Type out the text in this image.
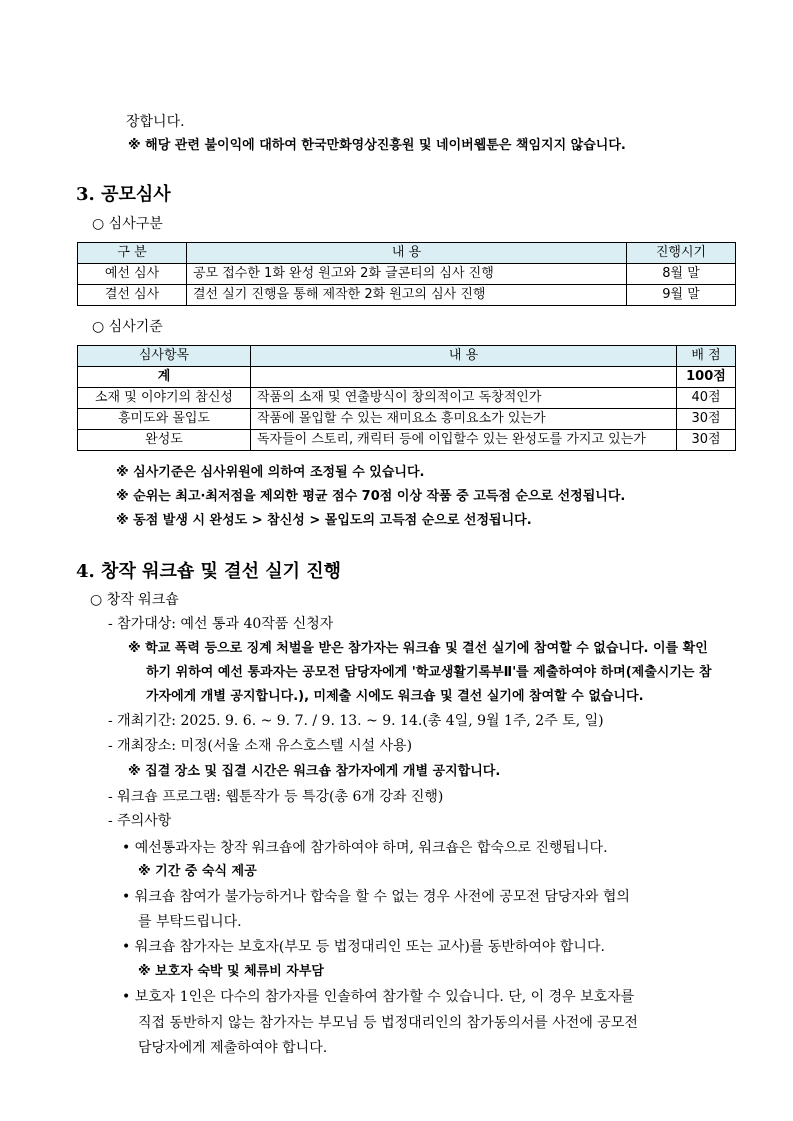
장합니다.
※ 해당 관련 불이익에 대하여 한국만화영상진흥원 및 네이버웹툰은 책임지지 않습니다.
3. 공모심사
○ 심사구분
구 분	내 용	진행시기
예선 심사	공모 접수한 1화 완성 원고와 2화 글콘티의 심사 진행	8월 말
결선 심사	결선 실기 진행을 통해 제작한 2화 원고의 심사 진행	9월 말
○ 심사기준
심사항목	내 용	배 점
계		100점
소재 및 이야기의 참신성	작품의 소재 및 연출방식이 창의적이고 독창적인가	40점
흥미도와 몰입도	작품에 몰입할 수 있는 재미요소 흥미요소가 있는가	30점
완성도	독자들이 스토리, 캐릭터 등에 이입할수 있는 완성도를 가지고 있는가	30점
※ 심사기준은 심사위원에 의하여 조정될 수 있습니다.
※ 순위는 최고·최저점을 제외한 평균 점수 70점 이상 작품 중 고득점 순으로 선정됩니다.
※ 동점 발생 시 완성도 > 참신성 > 몰입도의 고득점 순으로 선정됩니다.
4. 창작 워크숍 및 결선 실기 진행
○ 창작 워크숍
- 참가대상: 예선 통과 40작품 신청자
※ 학교 폭력 등으로 징계 처벌을 받은 참가자는 워크숍 및 결선 실기에 참여할 수 없습니다. 이를 확인
하기 위하여 예선 통과자는 공모전 담당자에게 '학교생활기록부Ⅱ'를 제출하여야 하며(제출시기는 참
가자에게 개별 공지합니다.), 미제출 시에도 워크숍 및 결선 실기에 참여할 수 없습니다.
- 개최기간: 2025. 9. 6. ~ 9. 7. / 9. 13. ~ 9. 14.(총 4일, 9월 1주, 2주 토, 일)
- 개최장소: 미정(서울 소재 유스호스텔 시설 사용)
※ 집결 장소 및 집결 시간은 워크숍 참가자에게 개별 공지합니다.
- 워크숍 프로그램: 웹툰작가 등 특강(총 6개 강좌 진행)
- 주의사항
• 예선통과자는 창작 워크숍에 참가하여야 하며, 워크숍은 합숙으로 진행됩니다.
※ 기간 중 숙식 제공
• 워크숍 참여가 불가능하거나 합숙을 할 수 없는 경우 사전에 공모전 담당자와 협의
를 부탁드립니다.
• 워크숍 참가자는 보호자(부모 등 법정대리인 또는 교사)를 동반하여야 합니다.
※ 보호자 숙박 및 체류비 자부담
• 보호자 1인은 다수의 참가자를 인솔하여 참가할 수 있습니다. 단, 이 경우 보호자를
직접 동반하지 않는 참가자는 부모님 등 법정대리인의 참가동의서를 사전에 공모전
담당자에게 제출하여야 합니다.
